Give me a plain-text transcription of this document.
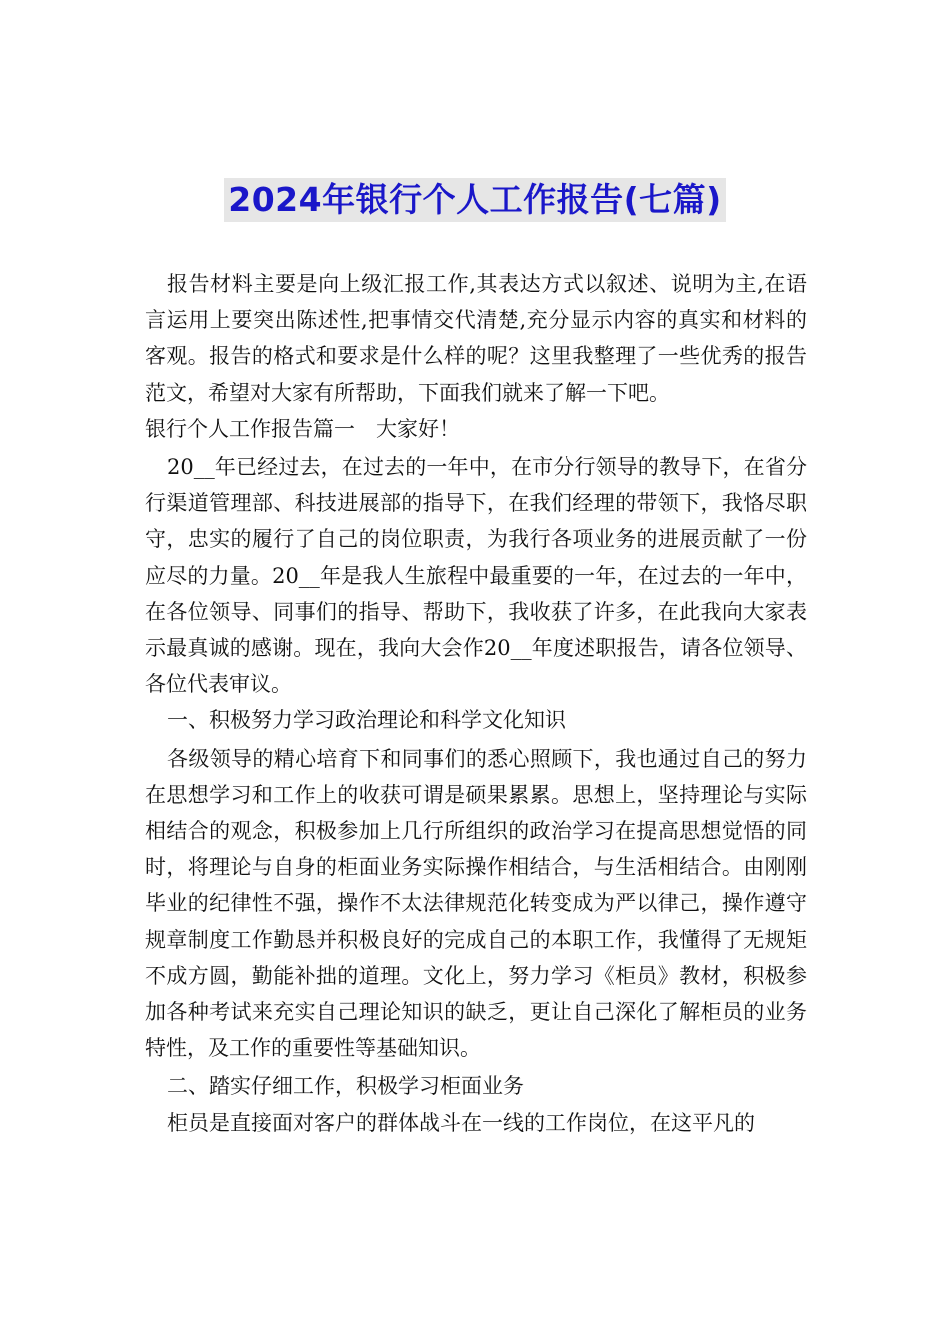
2024年银行个人工作报告(七篇)

报告材料主要是向上级汇报工作,其表达方式以叙述、说明为主,在语言运用上要突出陈述性,把事情交代清楚,充分显示内容的真实和材料的客观。报告的格式和要求是什么样的呢？这里我整理了一些优秀的报告范文，希望对大家有所帮助，下面我们就来了解一下吧。

银行个人工作报告篇一　大家好！

20__年已经过去，在过去的一年中，在市分行领导的教导下，在省分行渠道管理部、科技进展部的指导下，在我们经理的带领下，我恪尽职守，忠实的履行了自己的岗位职责，为我行各项业务的进展贡献了一份应尽的力量。20__年是我人生旅程中最重要的一年，在过去的一年中，在各位领导、同事们的指导、帮助下，我收获了许多，在此我向大家表示最真诚的感谢。现在，我向大会作20__年度述职报告，请各位领导、各位代表审议。

一、积极努力学习政治理论和科学文化知识

各级领导的精心培育下和同事们的悉心照顾下，我也通过自己的努力在思想学习和工作上的收获可谓是硕果累累。思想上，坚持理论与实际相结合的观念，积极参加上几行所组织的政治学习在提高思想觉悟的同时，将理论与自身的柜面业务实际操作相结合，与生活相结合。由刚刚毕业的纪律性不强，操作不太法律规范化转变成为严以律己，操作遵守规章制度工作勤恳并积极良好的完成自己的本职工作，我懂得了无规矩不成方圆，勤能补拙的道理。文化上，努力学习《柜员》教材，积极参加各种考试来充实自己理论知识的缺乏，更让自己深化了解柜员的业务特性，及工作的重要性等基础知识。

二、踏实仔细工作，积极学习柜面业务

柜员是直接面对客户的群体战斗在一线的工作岗位，在这平凡的
